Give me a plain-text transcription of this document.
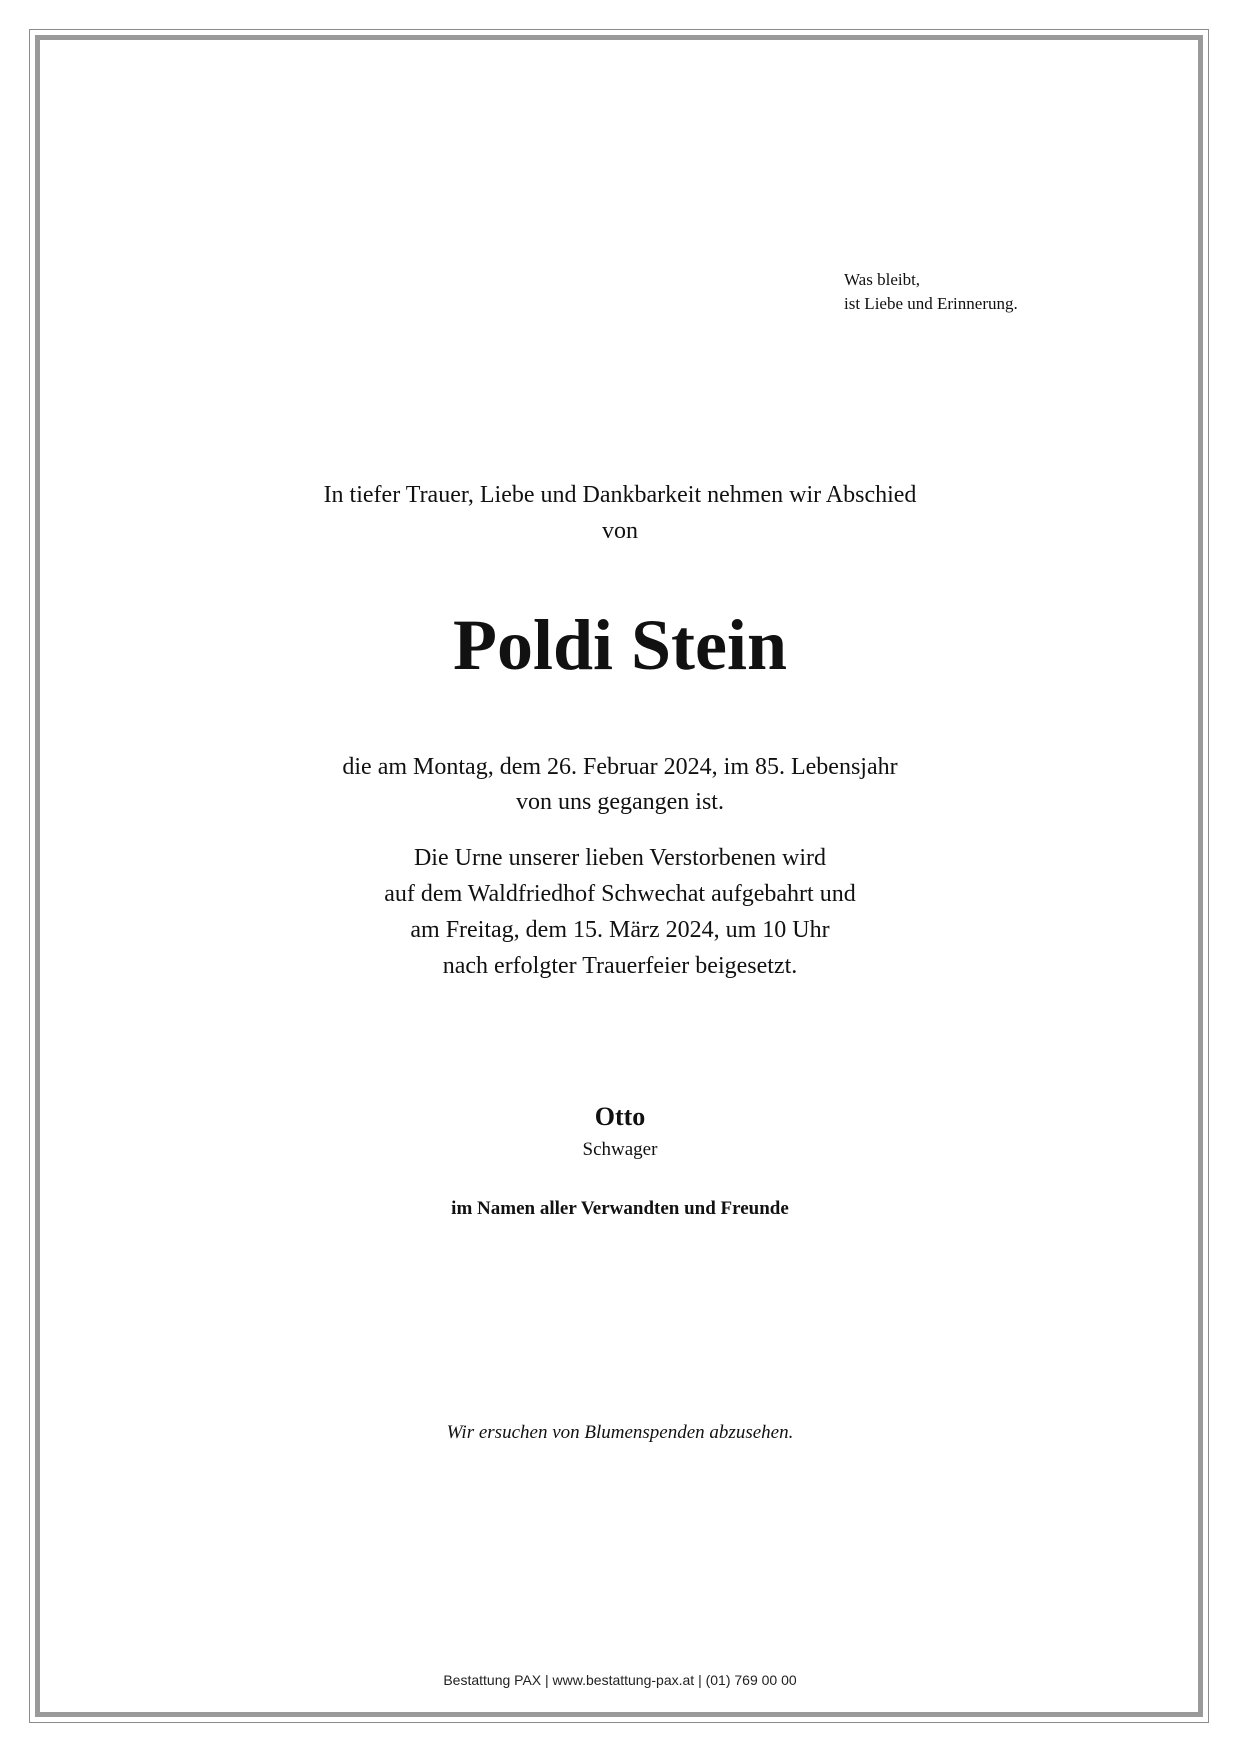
Was bleibt,
ist Liebe und Erinnerung.
In tiefer Trauer, Liebe und Dankbarkeit nehmen wir Abschied
von
Poldi Stein
die am Montag, dem 26. Februar 2024, im 85. Lebensjahr
von uns gegangen ist.
Die Urne unserer lieben Verstorbenen wird
auf dem Waldfriedhof Schwechat aufgebahrt und
am Freitag, dem 15. März 2024, um 10 Uhr
nach erfolgter Trauerfeier beigesetzt.
Otto
Schwager
im Namen aller Verwandten und Freunde
Wir ersuchen von Blumenspenden abzusehen.
Bestattung PAX | www.bestattung-pax.at | (01) 769 00 00
